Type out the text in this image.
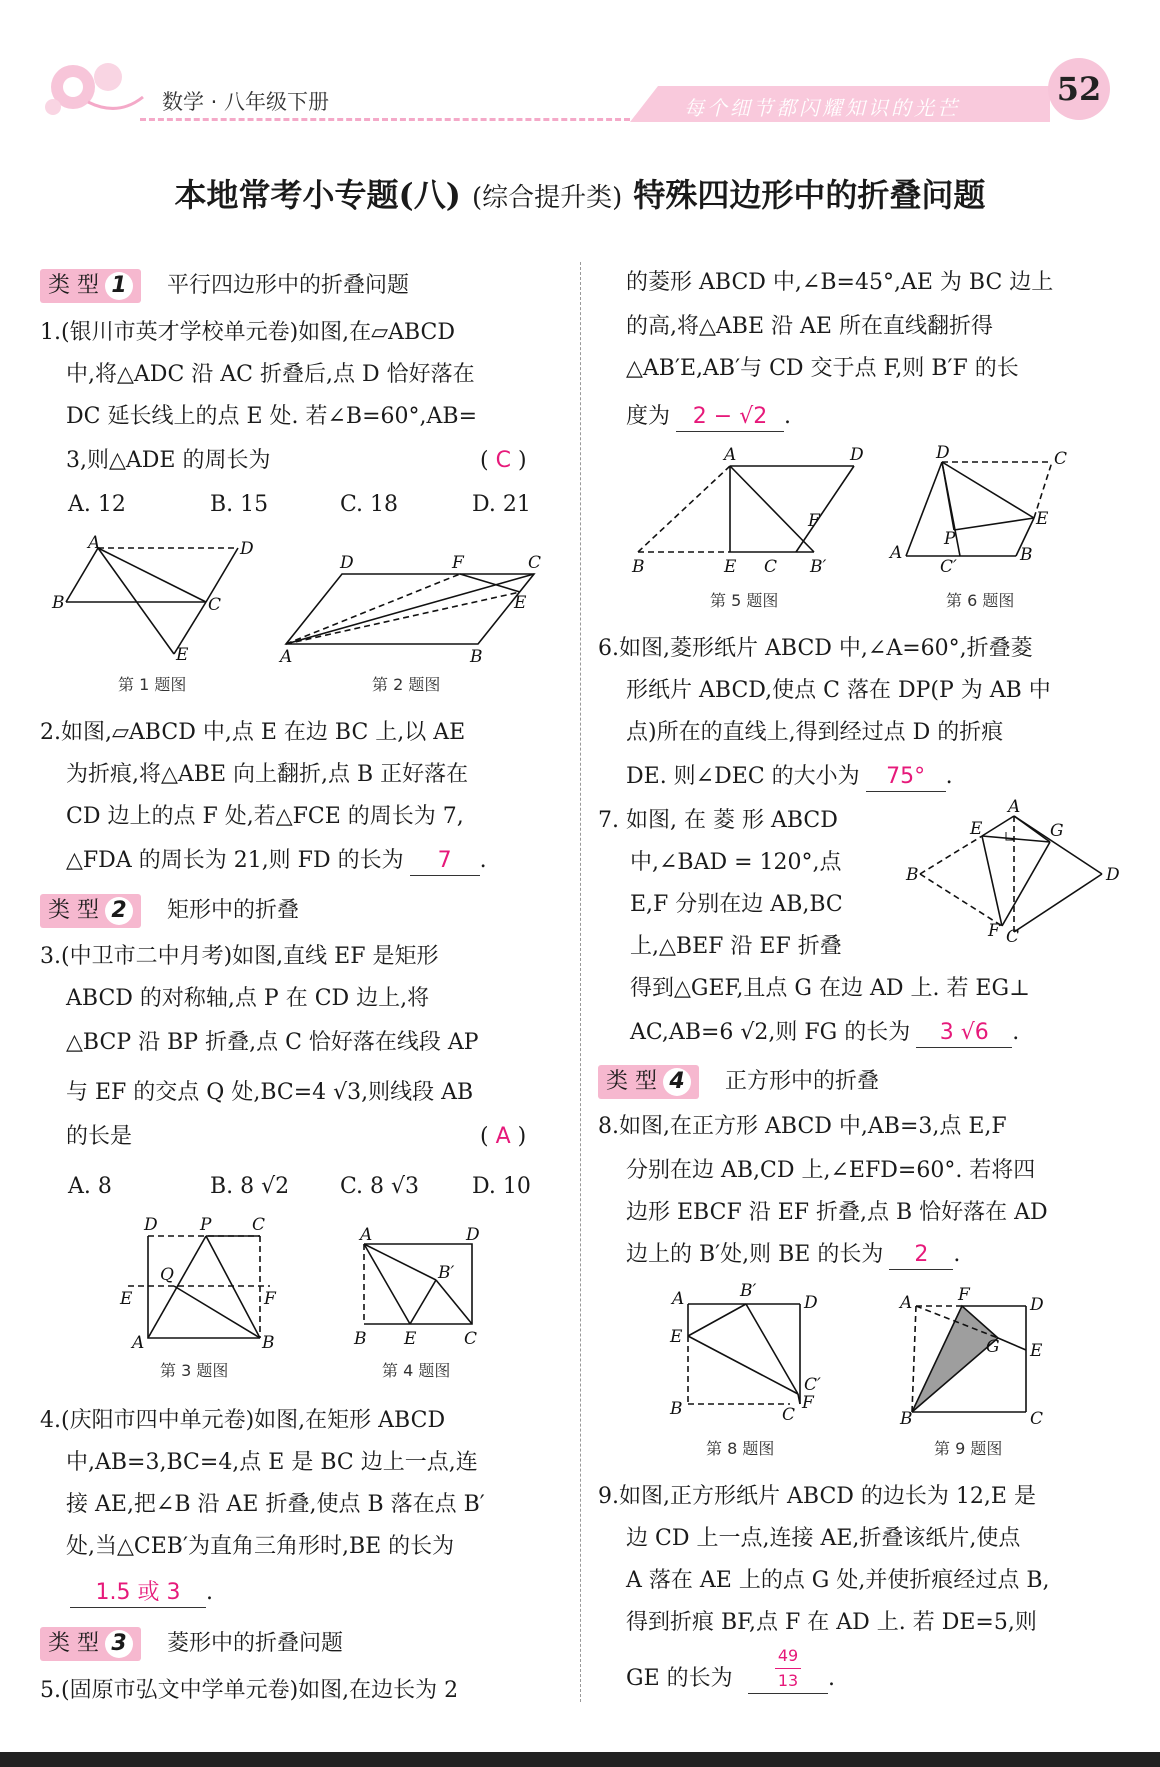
数学 · 八年级下册	每个细节都闪耀知识的光芒	52
本地常考小专题(八) (综合提升类) 特殊四边形中的折叠问题
类 型 1 平行四边形中的折叠问题
1.(银川市英才学校单元卷)如图,在▱ABCD
中,将△ADC 沿 AC 折叠后,点 D 恰好落在
DC 延长线上的点 E 处. 若∠B=60°,AB=
3,则△ADE 的周长为	( C )
A. 12	B. 15	C. 18	D. 21
A	D
B	C
E
第 1 题图
D	F	C
E
A	B
第 2 题图
2.如图,▱ABCD 中,点 E 在边 BC 上,以 AE
为折痕,将△ABE 向上翻折,点 B 正好落在
CD 边上的点 F 处,若△FCE 的周长为 7,
△FDA 的周长为 21,则 FD 的长为 7 .
类 型 2 矩形中的折叠
3.(中卫市二中月考)如图,直线 EF 是矩形
ABCD 的对称轴,点 P 在 CD 边上,将
△BCP 沿 BP 折叠,点 C 恰好落在线段 AP
与 EF 的交点 Q 处,BC=4 √3,则线段 AB
的长是	( A )
A. 8	B. 8 √2 C. 8 √3 D. 10
D P C
Q
E	F
A	B
第 3 题图
A	D
B′
B E	C
第 4 题图
4.(庆阳市四中单元卷)如图,在矩形 ABCD
中,AB=3,BC=4,点 E 是 BC 边上一点,连
接 AE,把∠B 沿 AE 折叠,使点 B 落在点 B′
处,当△CEB′为直角三角形时,BE 的长为
1.5 或 3 .
类 型 3 菱形中的折叠问题
5.(固原市弘文中学单元卷)如图,在边长为 2
的菱形 ABCD 中,∠B=45°,AE 为 BC 边上
的高,将△ABE 沿 AE 所在直线翻折得
△AB′E,AB′与 CD 交于点 F,则 B′F 的长
度为 2 − √2 .
A	D
F
B	E C B′
第 5 题图
D	C
E
P
A
C′
B
第 6 题图
6.如图,菱形纸片 ABCD 中,∠A=60°,折叠菱
形纸片 ABCD,使点 C 落在 DP(P 为 AB 中
点)所在的直线上,得到经过点 D 的折痕
DE. 则∠DEC 的大小为 75° .
7. 如图, 在 菱 形 ABCD
中,∠BAD = 120°,点
E,F 分别在边 AB,BC
上,△BEF 沿 EF 折叠
得到△GEF,且点 G 在边 AD 上. 若 EG⊥
AC,AB=6 √2,则 FG 的长为 3 √6 .
A
E	G
B	D
F C
类 型 4 正方形中的折叠
8.如图,在正方形 ABCD 中,AB=3,点 E,F
分别在边 AB,CD 上,∠EFD=60°. 若将四
边形 EBCF 沿 EF 折叠,点 B 恰好落在 AD
边上的 B′处,则 BE 的长为 2 .
A	B′
D
E
C′
F
B	C
第 8 题图
A	F	D
G E
B	C
第 9 题图
9.如图,正方形纸片 ABCD 的边长为 12,E 是
边 CD 上一点,连接 AE,折叠该纸片,使点
A 落在 AE 上的点 G 处,并使折痕经过点 B,
得到折痕 BF,点 F 在 AD 上. 若 DE=5,则
GE 的长为	$\frac{49}{13}$ .
